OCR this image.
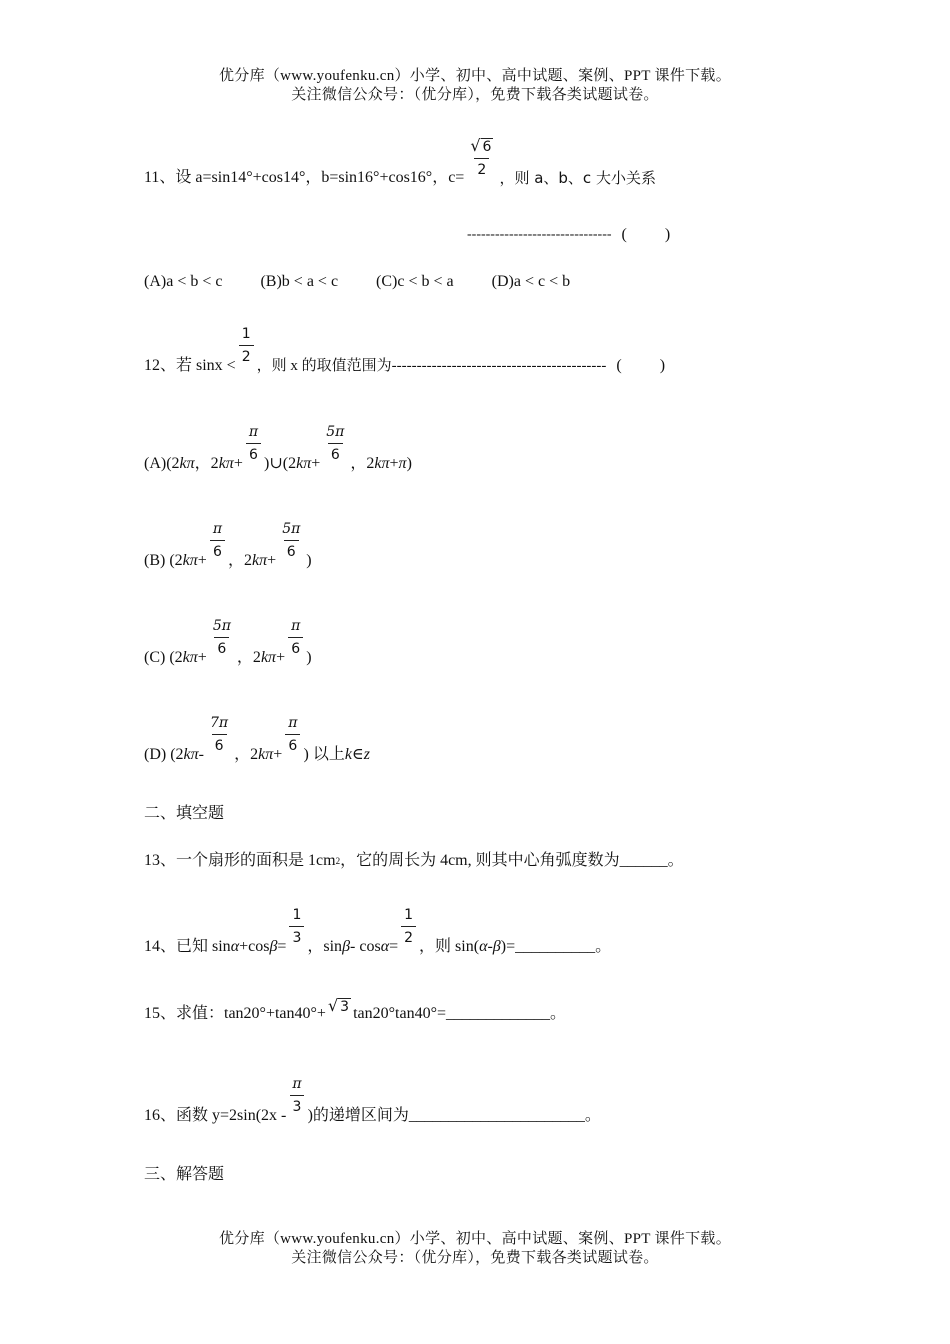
优分库（www.youfenku.cn）小学、初中、高中试题、案例、PPT 课件下载。
关注微信公众号：（优分库），免费下载各类试题试卷。
11、设 a=sin14°+cos14°，b=sin16°+cos16°，$c= \frac{√ 6}{2}$ ，则 a、b、c 大小关系
------------------------------- ( )
(A)a < b < c (B)b < a < c (C)c < b < a (D)a < c < b
12、若 $\sin x < \frac{1}{2}$
，则 x 的取值范围为------------------------------------------- ( )
(A)(2 k π ，2 k $\pi + \frac{\pi}{6}$ )∪(2 k $\pi + \frac{5\pi}{6}$ ，2 k π + π )
(B) (2 k $\pi + \frac{\pi}{6}$ ，2 k $\pi + \frac{5\pi}{6}$ )
(C) (2 k $\pi + \frac{5\pi}{6}$ ，2 k $\pi + \frac{\pi}{6}$ )
(D) (2 k π - $\frac{7\pi}{6}$ ，2 k $\pi + \frac{\pi}{6}$ ) 以上 k ∈ z
二、填空题
13、一个扇形的面积是 1cm 2 ，它的周长为 4cm, 则其中心角弧度数为______。
14、已知 sin α +cos $\beta = \frac{1}{3}$ ，$\sin \beta - \cos \alpha = \frac{1}{2}$ ，则 sin( α - β )=__________。
15、求值：tan20°+tan40°+ √ 3 tan20°tan40°=_____________。
16、函数 $y=2\sin(2x - \frac{\pi}{3}$ )的递增区间为______________________。
三、解答题
优分库（www.youfenku.cn）小学、初中、高中试题、案例、PPT 课件下载。
关注微信公众号：（优分库），免费下载各类试题试卷。
